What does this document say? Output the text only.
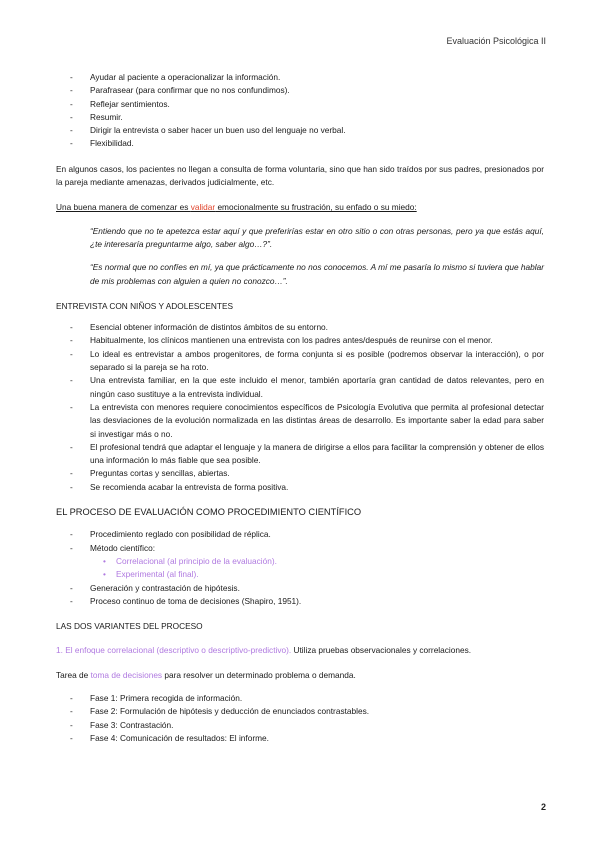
Evaluación Psicológica II
- Ayudar al paciente a operacionalizar la información.
- Parafrasear (para confirmar que no nos confundimos).
- Reflejar sentimientos.
- Resumir.
- Dirigir la entrevista o saber hacer un buen uso del lenguaje no verbal.
- Flexibilidad.

En algunos casos, los pacientes no llegan a consulta de forma voluntaria, sino que han sido traídos por sus padres, presionados por la pareja mediante amenazas, derivados judicialmente, etc.

Una buena manera de comenzar es validar emocionalmente su frustración, su enfado o su miedo:

“Entiendo que no te apetezca estar aquí y que preferirías estar en otro sitio o con otras personas, pero ya que estás aquí, ¿te interesaría preguntarme algo, saber algo…?”.

“Es normal que no confíes en mí, ya que prácticamente no nos conocemos. A mí me pasaría lo mismo si tuviera que hablar de mis problemas con alguien a quien no conozco…”.

ENTREVISTA CON NIÑOS Y ADOLESCENTES

- Esencial obtener información de distintos ámbitos de su entorno.
- Habitualmente, los clínicos mantienen una entrevista con los padres antes/después de reunirse con el menor.
- Lo ideal es entrevistar a ambos progenitores, de forma conjunta si es posible (podremos observar la interacción), o por separado si la pareja se ha roto.
- Una entrevista familiar, en la que este incluido el menor, también aportaría gran cantidad de datos relevantes, pero en ningún caso sustituye a la entrevista individual.
- La entrevista con menores requiere conocimientos específicos de Psicología Evolutiva que permita al profesional detectar las desviaciones de la evolución normalizada en las distintas áreas de desarrollo. Es importante saber la edad para saber si investigar más o no.
- El profesional tendrá que adaptar el lenguaje y la manera de dirigirse a ellos para facilitar la comprensión y obtener de ellos una información lo más fiable que sea posible.
- Preguntas cortas y sencillas, abiertas.
- Se recomienda acabar la entrevista de forma positiva.

EL PROCESO DE EVALUACIÓN COMO PROCEDIMIENTO CIENTÍFICO

- Procedimiento reglado con posibilidad de réplica.
- Método científico:
• Correlacional (al principio de la evaluación).
• Experimental (al final).
- Generación y contrastación de hipótesis.
- Proceso continuo de toma de decisiones (Shapiro, 1951).

LAS DOS VARIANTES DEL PROCESO

1. El enfoque correlacional (descriptivo o descriptivo-predictivo). Utiliza pruebas observacionales y correlaciones.

Tarea de toma de decisiones para resolver un determinado problema o demanda.

- Fase 1: Primera recogida de información.
- Fase 2: Formulación de hipótesis y deducción de enunciados contrastables.
- Fase 3: Contrastación.
- Fase 4: Comunicación de resultados: El informe.
2
